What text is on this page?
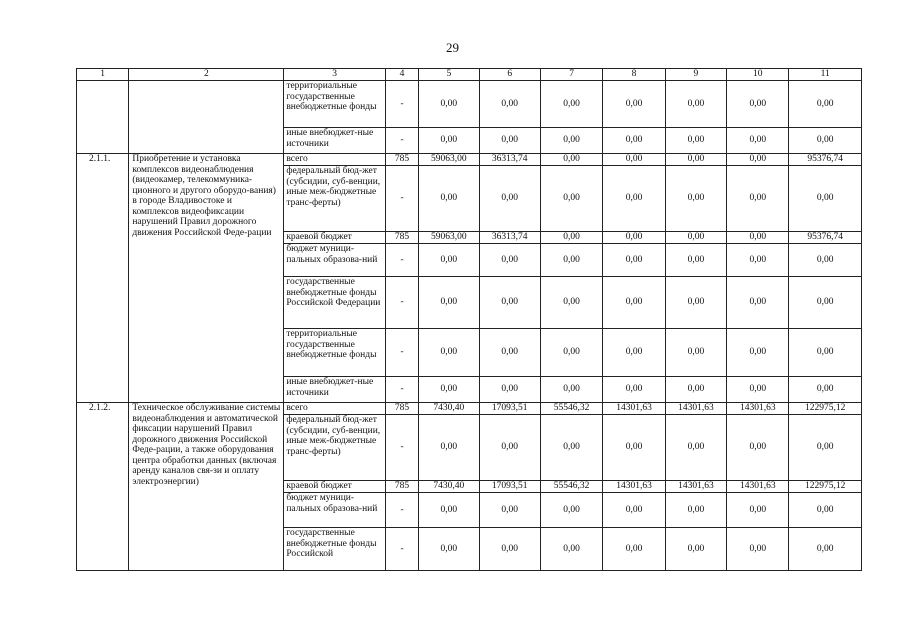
29
1	2	3	4	5	6	7	8	9	10	11
		территориальные государственные внебюджетные фонды	-	0,00	0,00	0,00	0,00	0,00	0,00	0,00
		иные внебюджет-ные источники	-	0,00	0,00	0,00	0,00	0,00	0,00	0,00
2.1.1.	Приобретение и установка комплексов видеонаблюдения (видеокамер, телекоммуника-ционного и другого оборудо-вания) в городе Владивостоке и комплексов видеофиксации нарушений Правил дорожного движения Российской Феде-рации	всего	785	59063,00	36313,74	0,00	0,00	0,00	0,00	95376,74
		федеральный бюд-жет (субсидии, суб-венции, иные меж-бюджетные транс-ферты)	-	0,00	0,00	0,00	0,00	0,00	0,00	0,00
		краевой бюджет	785	59063,00	36313,74	0,00	0,00	0,00	0,00	95376,74
		бюджет муници-пальных образова-ний	-	0,00	0,00	0,00	0,00	0,00	0,00	0,00
		государственные внебюджетные фонды Российской Федерации	-	0,00	0,00	0,00	0,00	0,00	0,00	0,00
		территориальные государственные внебюджетные фонды	-	0,00	0,00	0,00	0,00	0,00	0,00	0,00
		иные внебюджет-ные источники	-	0,00	0,00	0,00	0,00	0,00	0,00	0,00
2.1.2.	Техническое обслуживание системы видеонаблюдения и автоматической фиксации нарушений Правил дорожного движения Российской Феде-рации, а также оборудования центра обработки данных (включая аренду каналов свя-зи и оплату электроэнергии)	всего	785	7430,40	17093,51	55546,32	14301,63	14301,63	14301,63	122975,12
		федеральный бюд-жет (субсидии, суб-венции, иные меж-бюджетные транс-ферты)	-	0,00	0,00	0,00	0,00	0,00	0,00	0,00
		краевой бюджет	785	7430,40	17093,51	55546,32	14301,63	14301,63	14301,63	122975,12
		бюджет муници-пальных образова-ний	-	0,00	0,00	0,00	0,00	0,00	0,00	0,00
		государственные внебюджетные фонды Российской	-	0,00	0,00	0,00	0,00	0,00	0,00	0,00
